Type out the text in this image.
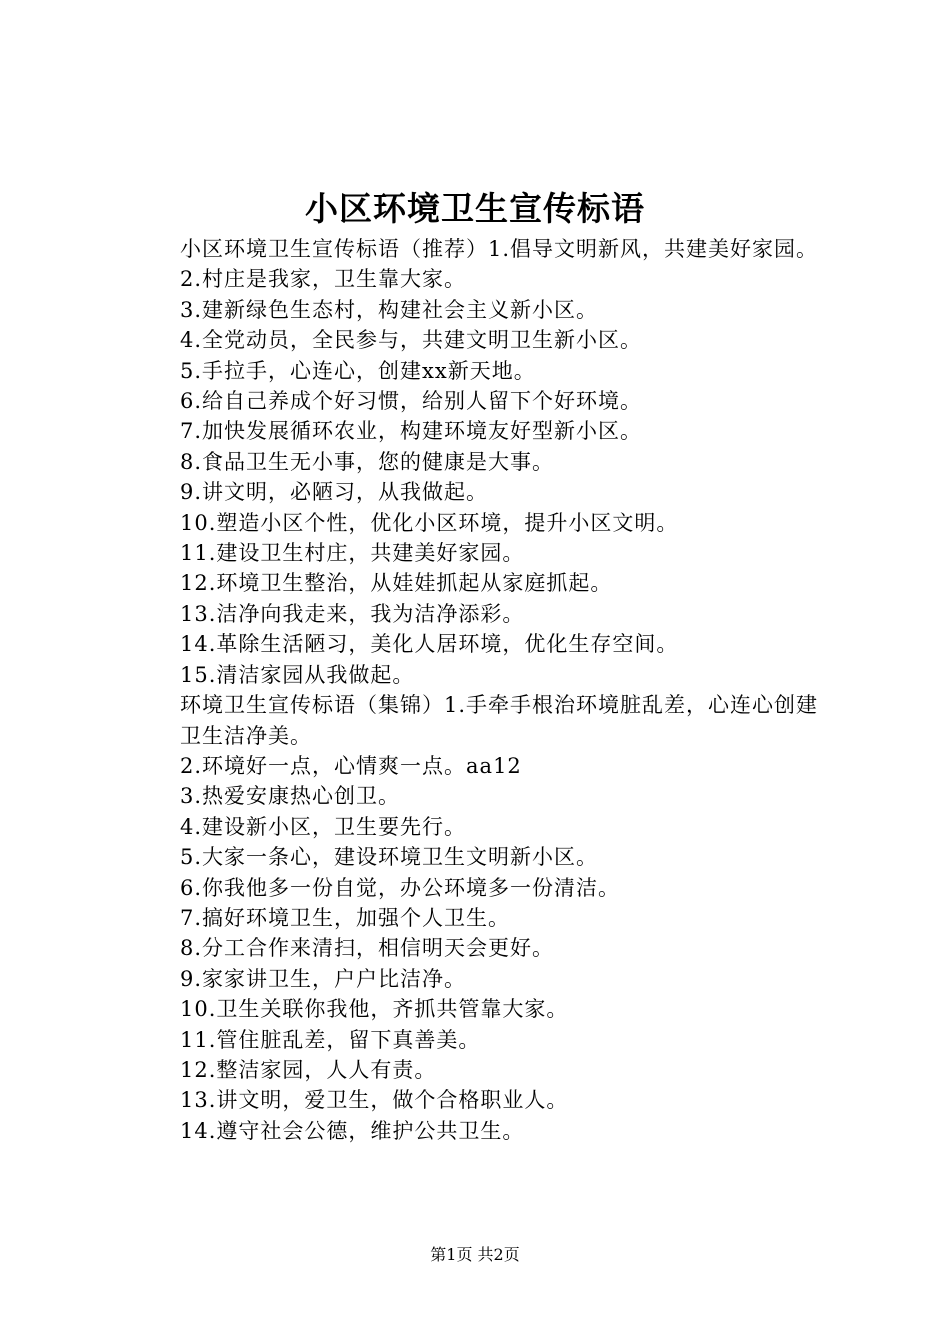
小区环境卫生宣传标语

小区环境卫生宣传标语（推荐）1.倡导文明新风，共建美好家园。

2.村庄是我家，卫生靠大家。

3.建新绿色生态村，构建社会主义新小区。

4.全党动员，全民参与，共建文明卫生新小区。

5.手拉手，心连心，创建xx新天地。

6.给自己养成个好习惯，给别人留下个好环境。

7.加快发展循环农业，构建环境友好型新小区。

8.食品卫生无小事，您的健康是大事。

9.讲文明，必陋习，从我做起。

10.塑造小区个性，优化小区环境，提升小区文明。

11.建设卫生村庄，共建美好家园。

12.环境卫生整治，从娃娃抓起从家庭抓起。

13.洁净向我走来，我为洁净添彩。

14.革除生活陋习，美化人居环境，优化生存空间。

15.清洁家园从我做起。

环境卫生宣传标语（集锦）1.手牵手根治环境脏乱差，心连心创建卫生洁净美。

2.环境好一点，心情爽一点。aa12

3.热爱安康热心创卫。

4.建设新小区，卫生要先行。

5.大家一条心，建设环境卫生文明新小区。

6.你我他多一份自觉，办公环境多一份清洁。

7.搞好环境卫生，加强个人卫生。

8.分工合作来清扫，相信明天会更好。

9.家家讲卫生，户户比洁净。

10.卫生关联你我他，齐抓共管靠大家。

11.管住脏乱差，留下真善美。

12.整洁家园，人人有责。

13.讲文明，爱卫生，做个合格职业人。

14.遵守社会公德，维护公共卫生。

第1页 共2页
